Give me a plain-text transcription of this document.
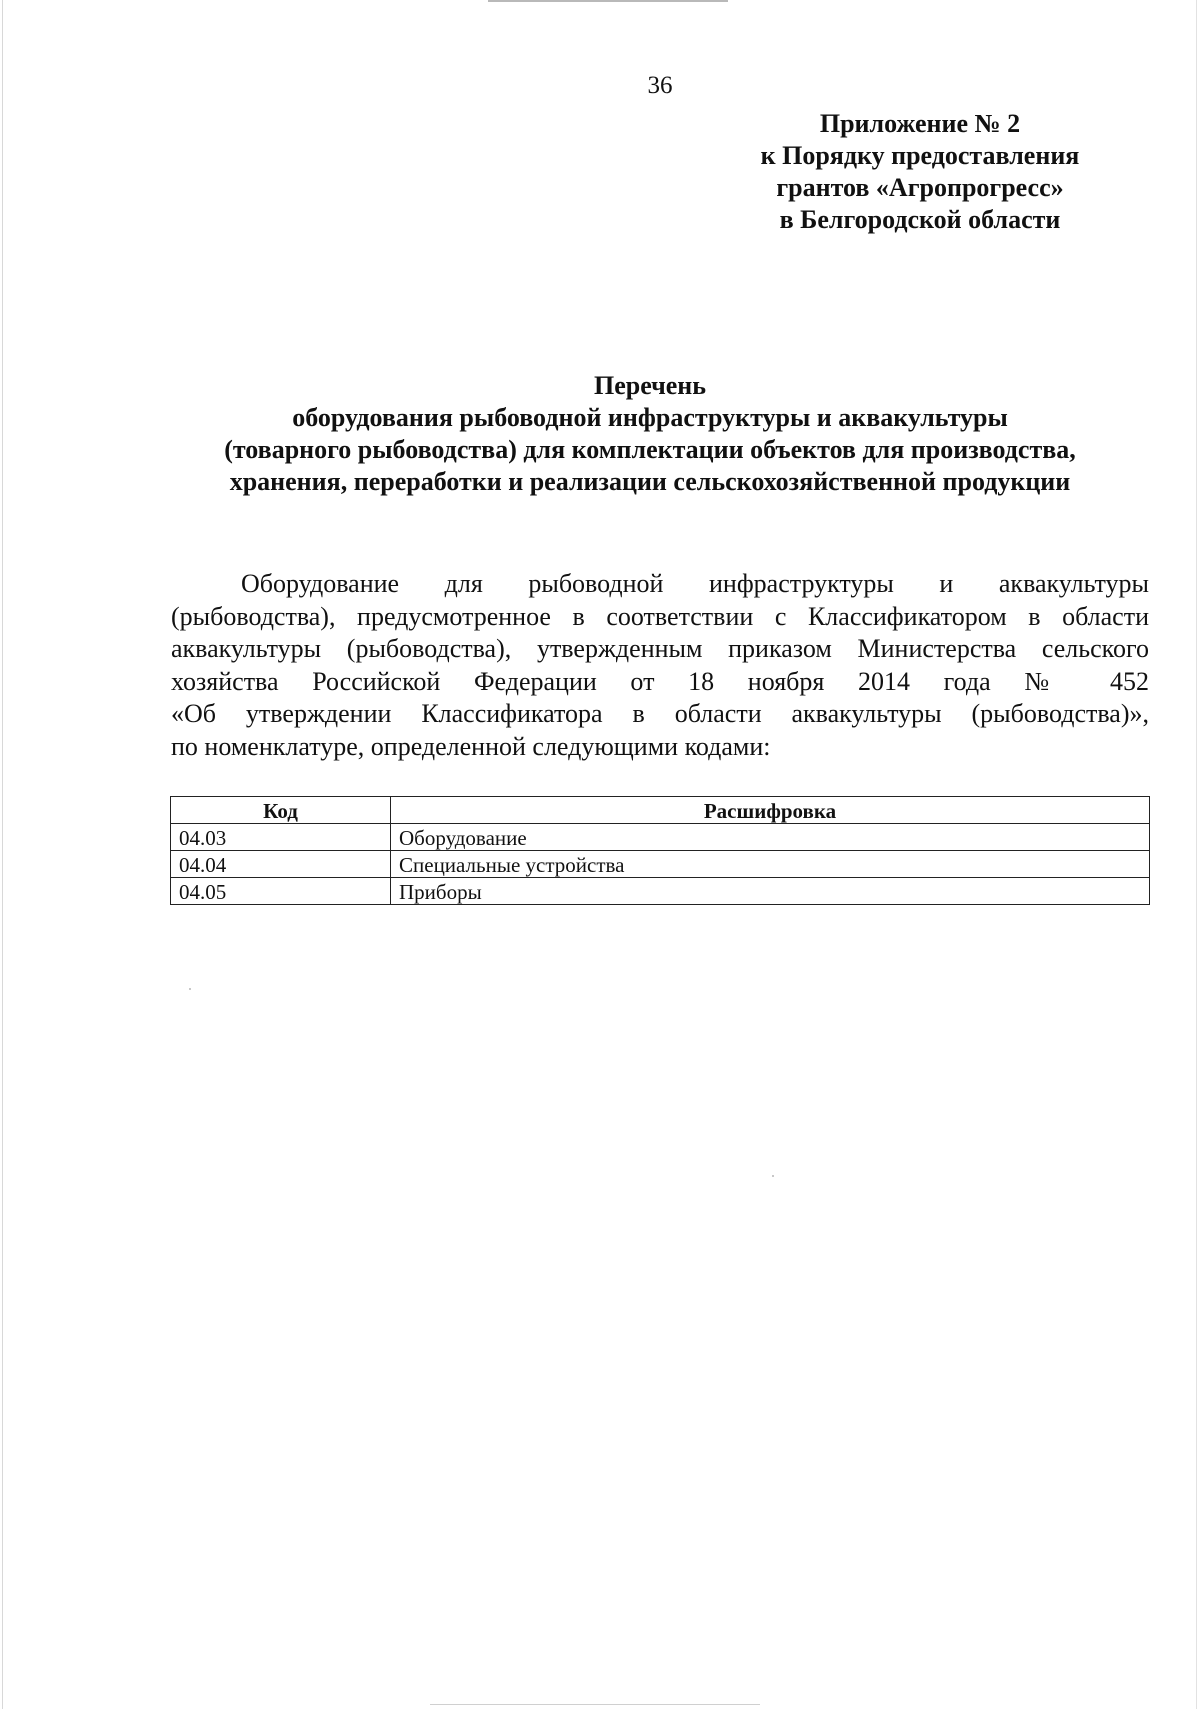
36
Приложение № 2
к Порядку предоставления
грантов «Агропрогресс»
в Белгородской области
Перечень
оборудования рыбоводной инфраструктуры и аквакультуры
(товарного рыбоводства) для комплектации объектов для производства,
хранения, переработки и реализации сельскохозяйственной продукции
Оборудование для рыбоводной инфраструктуры и аквакультуры
(рыбоводства), предусмотренное в соответствии с Классификатором в области
аквакультуры (рыбоводства), утвержденным приказом Министерства сельского
хозяйства Российской Федерации от 18 ноября 2014 года № 452
«Об утверждении Классификатора в области аквакультуры (рыбоводства)»,
по номенклатуре, определенной следующими кодами:
Код	Расшифровка
04.03	Оборудование
04.04	Специальные устройства
04.05	Приборы
